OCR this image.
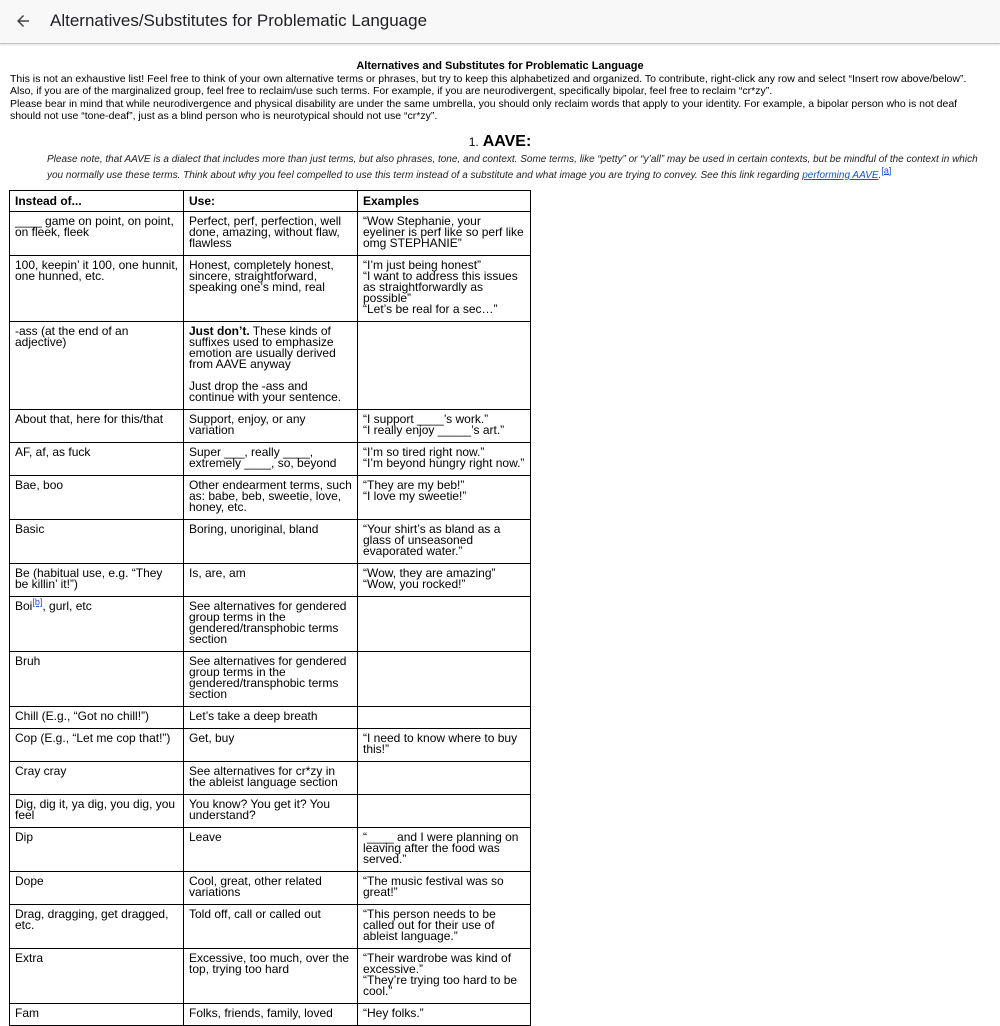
Alternatives/Substitutes for Problematic Language
Alternatives and Substitutes for Problematic Language

This is not an exhaustive list! Feel free to think of your own alternative terms or phrases, but try to keep this alphabetized and organized. To contribute, right-click any row and select “Insert row above/below”.

Also, if you are of the marginalized group, feel free to reclaim/use such terms. For example, if you are neurodivergent, specifically bipolar, feel free to reclaim “cr*zy”.

Please bear in mind that while neurodivergence and physical disability are under the same umbrella, you should only reclaim words that apply to your identity. For example, a bipolar person who is not deaf should not use “tone-deaf”, just as a blind person who is neurotypical should not use “cr*zy”.

1. AAVE:

Please note, that AAVE is a dialect that includes more than just terms, but also phrases, tone, and context. Some terms, like “petty” or “y’all” may be used in certain contexts, but be mindful of the context in which you normally use these terms. Think about why you feel compelled to use this term instead of a substitute and what image you are trying to convey. See this link regarding performing AAVE.[a]

Instead of...	Use:	Examples
____ game on point, on point, on fleek, fleek	Perfect, perf, perfection, well done, amazing, without flaw, flawless	“Wow Stephanie, your eyeliner is perf like so perf like omg STEPHANIE”

100, keepin’ it 100, one hunnit, one hunned, etc.	Honest, completely honest, sincere, straightforward, speaking one’s mind, real	“I’m just being honest”
“I want to address this issues as straightforwardly as possible”
“Let’s be real for a sec…”

-ass (at the end of an adjective)	Just don’t. These kinds of suffixes used to emphasize emotion are usually derived from AAVE anyway
Just drop the -ass and continue with your sentence.	

About that, here for this/that	Support, enjoy, or any variation	“I support ____’s work.”
“I really enjoy _____’s art.”

AF, af, as fuck	Super ___, really ____, extremely ____, so, beyond	“I’m so tired right now.”
“I’m beyond hungry right now.”

Bae, boo	Other endearment terms, such as: babe, beb, sweetie, love, honey, etc.	“They are my beb!”
“I love my sweetie!”

Basic	Boring, unoriginal, bland	“Your shirt’s as bland as a glass of unseasoned evaporated water.”

Be (habitual use, e.g. “They be killin’ it!”)	Is, are, am	“Wow, they are amazing”
“Wow, you rocked!”

Boi[b], gurl, etc	See alternatives for gendered group terms in the gendered/transphobic terms section	
Bruh	See alternatives for gendered group terms in the gendered/transphobic terms section	
Chill (E.g., “Got no chill!”)	Let’s take a deep breath	
Cop (E.g., “Let me cop that!”)	Get, buy	“I need to know where to buy this!”

Cray cray	See alternatives for cr*zy in the ableist language section	
Dig, dig it, ya dig, you dig, you feel	You know? You get it? You understand?	
Dip	Leave	“____ and I were planning on leaving after the food was served.”

Dope	Cool, great, other related variations	“The music festival was so great!”

Drag, dragging, get dragged, etc.	Told off, call or called out	“This person needs to be called out for their use of ableist language.”

Extra	Excessive, too much, over the top, trying too hard	“Their wardrobe was kind of excessive.”
“They’re trying too hard to be cool.”

Fam	Folks, friends, family, loved	“Hey folks.”
